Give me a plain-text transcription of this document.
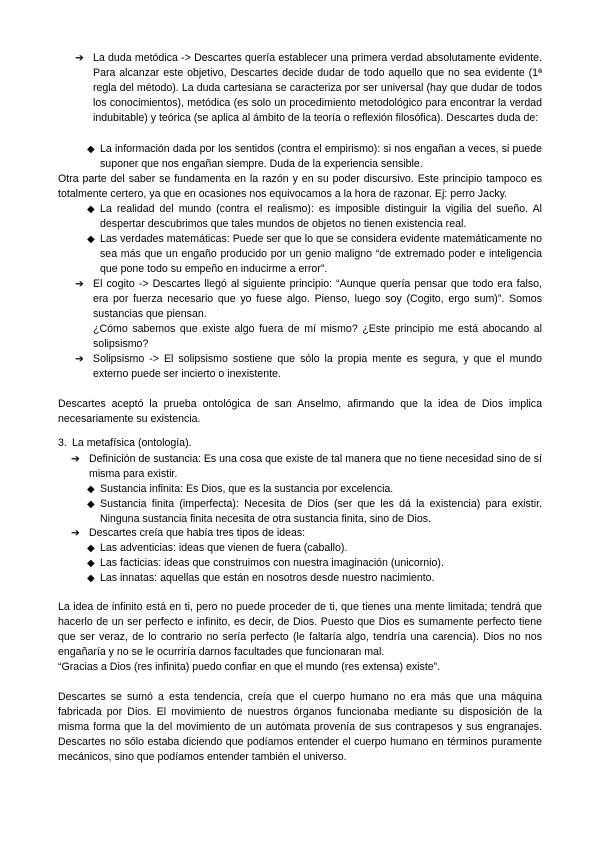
➔ La duda metódica -> Descartes quería establecer una primera verdad absolutamente evidente. Para alcanzar este objetivo, Descartes decide dudar de todo aquello que no sea evidente (1ª regla del método). La duda cartesiana se caracteriza por ser universal (hay que dudar de todos los conocimientos), metódica (es solo un procedimiento metodológico para encontrar la verdad indubitable) y teórica (se aplica al ámbito de la teoría o reflexión filosófica). Descartes duda de:

◆ La información dada por los sentidos (contra el empirismo): si nos engañan a veces, si puede suponer que nos engañan siempre. Duda de la experiencia sensible.

Otra parte del saber se fundamenta en la razón y en su poder discursivo. Este principio tampoco es totalmente certero, ya que en ocasiones nos equivocamos a la hora de razonar. Ej: perro Jacky.

◆ La realidad del mundo (contra el realismo): es imposible distinguir la vigilia del sueño. Al despertar descubrimos que tales mundos de objetos no tienen existencia real.

◆ Las verdades matemáticas: Puede ser que lo que se considera evidente matemáticamente no sea más que un engaño producido por un genio maligno “de extremado poder e inteligencia que pone todo su empeño en inducirme a error”.

➔ El cogito -> Descartes llegó al siguiente principio: “Aunque quería pensar que todo era falso, era por fuerza necesario que yo fuese algo. Pienso, luego soy (Cogito, ergo sum)”. Somos sustancias que piensan.

¿Cómo sabemos que existe algo fuera de mí mismo? ¿Este principio me está abocando al solipsismo?

➔ Solipsismo -> El solipsismo sostiene que sólo la propia mente es segura, y que el mundo externo puede ser incierto o inexistente.

Descartes aceptó la prueba ontológica de san Anselmo, afirmando que la idea de Dios implica necesariamente su existencia.

3. La metafísica (ontología).

➔ Definición de sustancia: Es una cosa que existe de tal manera que no tiene necesidad sino de sí misma para existir.

◆ Sustancia infinita: Es Dios, que es la sustancia por excelencia.

◆ Sustancia finita (imperfecta): Necesita de Dios (ser que les dá la existencia) para existir. Ninguna sustancia finita necesita de otra sustancia finita, sino de Dios.

➔ Descartes creía que había tres tipos de ideas:

◆ Las adventicias: ideas que vienen de fuera (caballo).

◆ Las facticias: ideas que construimos con nuestra imaginación (unicornio).

◆ Las innatas: aquellas que están en nosotros desde nuestro nacimiento.

La idea de infinito está en ti, pero no puede proceder de ti, que tienes una mente limitada; tendrá que hacerlo de un ser perfecto e infinito, es decir, de Dios. Puesto que Dios es sumamente perfecto tiene que ser veraz, de lo contrario no sería perfecto (le faltaría algo, tendría una carencia). Dios no nos engañaría y no se le ocurriría darnos facultades que funcionaran mal.

“Gracias a Dios (res infinita) puedo confiar en que el mundo (res extensa) existe”.

Descartes se sumó a esta tendencia, creía que el cuerpo humano no era más que una máquina fabricada por Dios. El movimiento de nuestros órganos funcionaba mediante su disposición de la misma forma que la del movimiento de un autómata provenía de sus contrapesos y sus engranajes. Descartes no sólo estaba diciendo que podíamos entender el cuerpo humano en términos puramente mecánicos, sino que podíamos entender también el universo.
